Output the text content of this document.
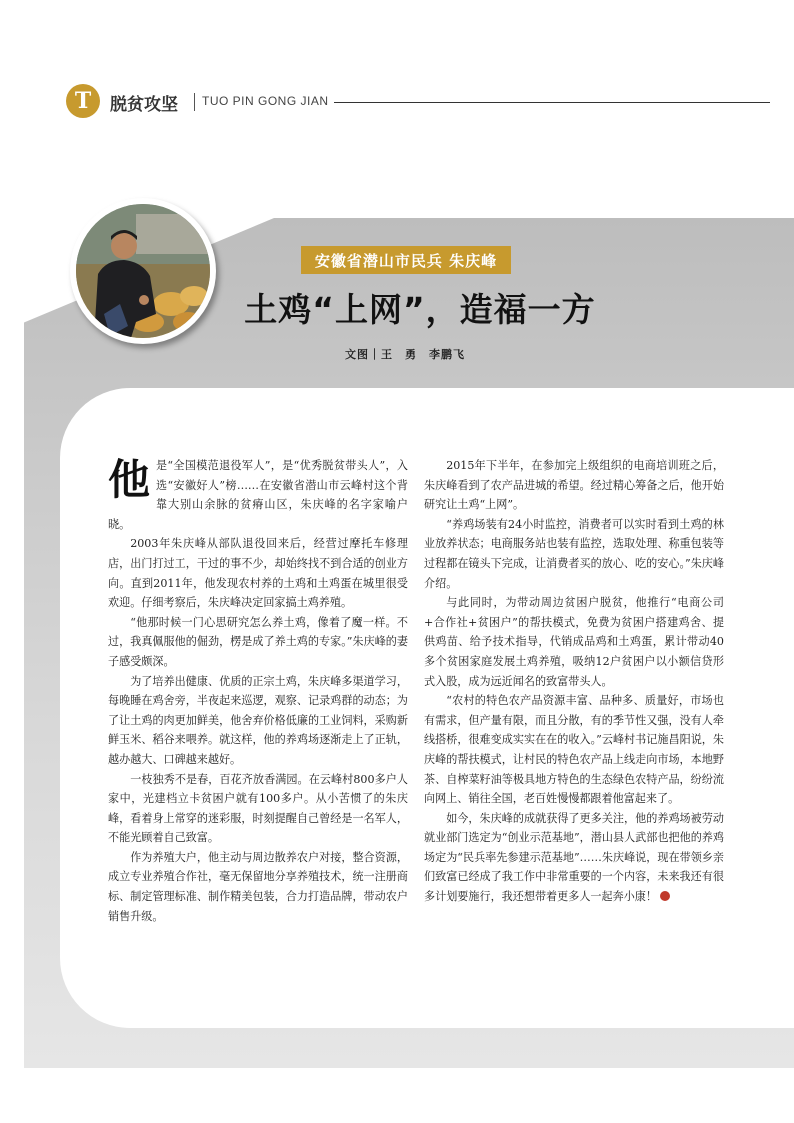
T	脱贫攻坚 TUO PIN GONG JIAN
安徽省潜山市民兵 朱庆峰
土鸡“上网”，造福一方
文图｜王　勇　李鹏飞

他是“全国模范退役军人”，是“优秀脱贫带头人”，入选“安徽好人”榜……在安徽省潜山市云峰村这个背靠大别山余脉的贫瘠山区，朱庆峰的名字家喻户晓。

2003年朱庆峰从部队退役回来后，经营过摩托车修理店，出门打过工，干过的事不少，却始终找不到合适的创业方向。直到2011年，他发现农村养的土鸡和土鸡蛋在城里很受欢迎。仔细考察后，朱庆峰决定回家搞土鸡养殖。

“他那时候一门心思研究怎么养土鸡，像着了魔一样。不过，我真佩服他的倔劲，楞是成了养土鸡的专家。”朱庆峰的妻子感受颇深。

为了培养出健康、优质的正宗土鸡，朱庆峰多渠道学习，每晚睡在鸡舍旁，半夜起来巡逻，观察、记录鸡群的动态；为了让土鸡的肉更加鲜美，他舍弃价格低廉的工业饲料，采购新鲜玉米、稻谷来喂养。就这样，他的养鸡场逐渐走上了正轨，越办越大、口碑越来越好。

一枝独秀不是春，百花齐放香满园。在云峰村800多户人家中，光建档立卡贫困户就有100多户。从小苦惯了的朱庆峰，看着身上常穿的迷彩服，时刻提醒自己曾经是一名军人，不能光顾着自己致富。

作为养殖大户，他主动与周边散养农户对接，整合资源，成立专业养殖合作社，毫无保留地分享养殖技术，统一注册商标、制定管理标准、制作精美包装，合力打造品牌，带动农户销售升级。

2015年下半年，在参加完上级组织的电商培训班之后，朱庆峰看到了农产品进城的希望。经过精心筹备之后，他开始研究让土鸡“上网”。

“养鸡场装有24小时监控，消费者可以实时看到土鸡的林业放养状态；电商服务站也装有监控，选取处理、称重包装等过程都在镜头下完成，让消费者买的放心、吃的安心。”朱庆峰介绍。

与此同时，为带动周边贫困户脱贫，他推行“电商公司+合作社+贫困户”的帮扶模式，免费为贫困户搭建鸡舍、提供鸡苗、给予技术指导，代销成品鸡和土鸡蛋，累计带动40多个贫困家庭发展土鸡养殖，吸纳12户贫困户以小额信贷形式入股，成为远近闻名的致富带头人。

“农村的特色农产品资源丰富、品种多、质量好，市场也有需求，但产量有限，而且分散，有的季节性又强，没有人牵线搭桥，很难变成实实在在的收入。”云峰村书记施昌阳说，朱庆峰的帮扶模式，让村民的特色农产品上线走向市场，本地野茶、自榨菜籽油等极具地方特色的生态绿色农特产品，纷纷流向网上、销往全国，老百姓慢慢都跟着他富起来了。

如今，朱庆峰的成就获得了更多关注，他的养鸡场被劳动就业部门选定为“创业示范基地”，潜山县人武部也把他的养鸡场定为“民兵率先参建示范基地”……朱庆峰说，现在带领乡亲们致富已经成了我工作中非常重要的一个内容，未来我还有很多计划要施行，我还想带着更多人一起奔小康！
